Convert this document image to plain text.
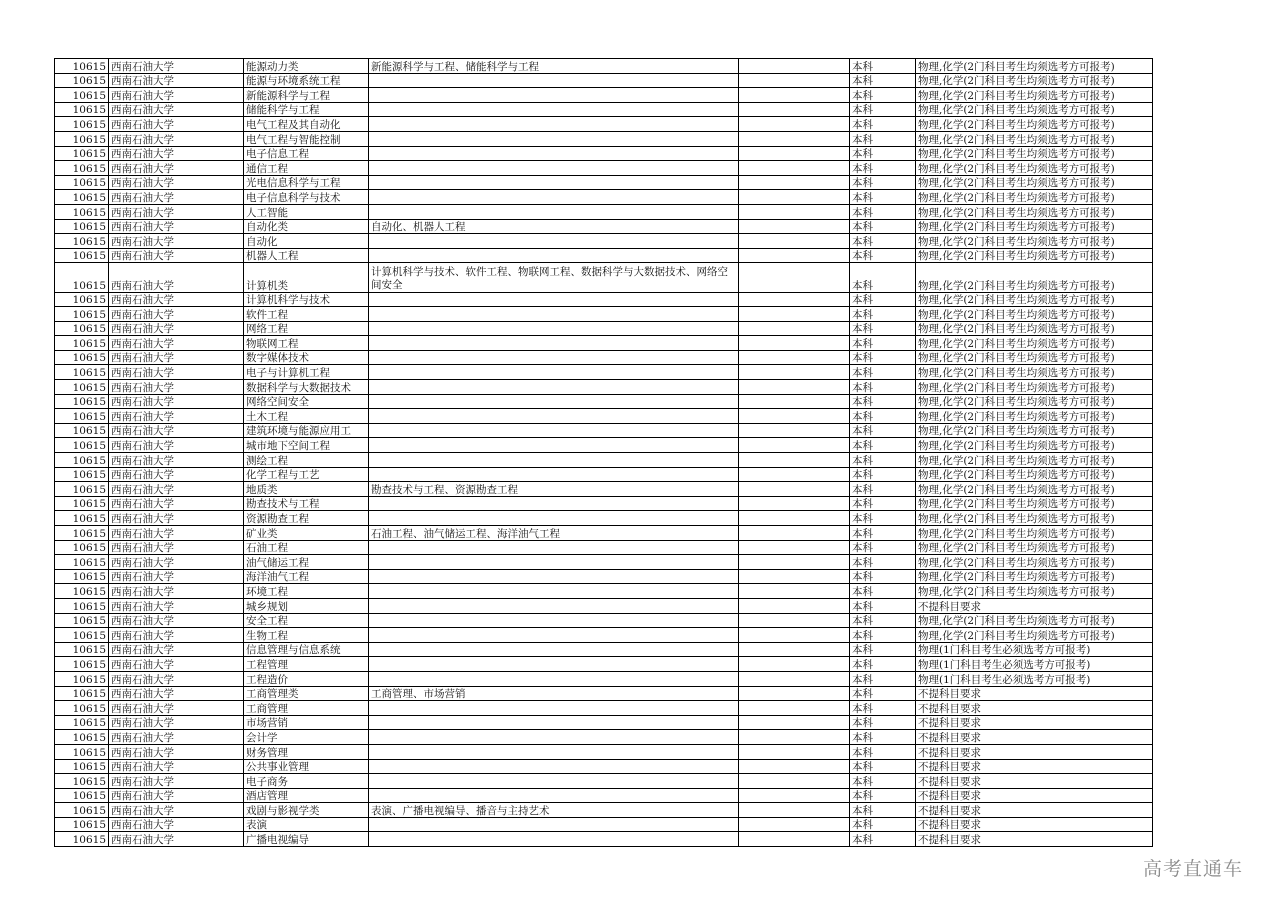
10615	西南石油大学	能源动力类	新能源科学与工程、储能科学与工程		本科	物理,化学(2门科目考生均须选考方可报考)
10615	西南石油大学	能源与环境系统工程			本科	物理,化学(2门科目考生均须选考方可报考)
10615	西南石油大学	新能源科学与工程			本科	物理,化学(2门科目考生均须选考方可报考)
10615	西南石油大学	储能科学与工程			本科	物理,化学(2门科目考生均须选考方可报考)
10615	西南石油大学	电气工程及其自动化			本科	物理,化学(2门科目考生均须选考方可报考)
10615	西南石油大学	电气工程与智能控制			本科	物理,化学(2门科目考生均须选考方可报考)
10615	西南石油大学	电子信息工程			本科	物理,化学(2门科目考生均须选考方可报考)
10615	西南石油大学	通信工程			本科	物理,化学(2门科目考生均须选考方可报考)
10615	西南石油大学	光电信息科学与工程			本科	物理,化学(2门科目考生均须选考方可报考)
10615	西南石油大学	电子信息科学与技术			本科	物理,化学(2门科目考生均须选考方可报考)
10615	西南石油大学	人工智能			本科	物理,化学(2门科目考生均须选考方可报考)
10615	西南石油大学	自动化类	自动化、机器人工程		本科	物理,化学(2门科目考生均须选考方可报考)
10615	西南石油大学	自动化			本科	物理,化学(2门科目考生均须选考方可报考)
10615	西南石油大学	机器人工程			本科	物理,化学(2门科目考生均须选考方可报考)
10615	西南石油大学	计算机类	计算机科学与技术、软件工程、物联网工程、数据科学与大数据技术、网络空间安全		本科	物理,化学(2门科目考生均须选考方可报考)
10615	西南石油大学	计算机科学与技术			本科	物理,化学(2门科目考生均须选考方可报考)
10615	西南石油大学	软件工程			本科	物理,化学(2门科目考生均须选考方可报考)
10615	西南石油大学	网络工程			本科	物理,化学(2门科目考生均须选考方可报考)
10615	西南石油大学	物联网工程			本科	物理,化学(2门科目考生均须选考方可报考)
10615	西南石油大学	数字媒体技术			本科	物理,化学(2门科目考生均须选考方可报考)
10615	西南石油大学	电子与计算机工程			本科	物理,化学(2门科目考生均须选考方可报考)
10615	西南石油大学	数据科学与大数据技术			本科	物理,化学(2门科目考生均须选考方可报考)
10615	西南石油大学	网络空间安全			本科	物理,化学(2门科目考生均须选考方可报考)
10615	西南石油大学	土木工程			本科	物理,化学(2门科目考生均须选考方可报考)
10615	西南石油大学	建筑环境与能源应用工			本科	物理,化学(2门科目考生均须选考方可报考)
10615	西南石油大学	城市地下空间工程			本科	物理,化学(2门科目考生均须选考方可报考)
10615	西南石油大学	测绘工程			本科	物理,化学(2门科目考生均须选考方可报考)
10615	西南石油大学	化学工程与工艺			本科	物理,化学(2门科目考生均须选考方可报考)
10615	西南石油大学	地质类	勘查技术与工程、资源勘查工程		本科	物理,化学(2门科目考生均须选考方可报考)
10615	西南石油大学	勘查技术与工程			本科	物理,化学(2门科目考生均须选考方可报考)
10615	西南石油大学	资源勘查工程			本科	物理,化学(2门科目考生均须选考方可报考)
10615	西南石油大学	矿业类	石油工程、油气储运工程、海洋油气工程		本科	物理,化学(2门科目考生均须选考方可报考)
10615	西南石油大学	石油工程			本科	物理,化学(2门科目考生均须选考方可报考)
10615	西南石油大学	油气储运工程			本科	物理,化学(2门科目考生均须选考方可报考)
10615	西南石油大学	海洋油气工程			本科	物理,化学(2门科目考生均须选考方可报考)
10615	西南石油大学	环境工程			本科	物理,化学(2门科目考生均须选考方可报考)
10615	西南石油大学	城乡规划			本科	不提科目要求
10615	西南石油大学	安全工程			本科	物理,化学(2门科目考生均须选考方可报考)
10615	西南石油大学	生物工程			本科	物理,化学(2门科目考生均须选考方可报考)
10615	西南石油大学	信息管理与信息系统			本科	物理(1门科目考生必须选考方可报考)
10615	西南石油大学	工程管理			本科	物理(1门科目考生必须选考方可报考)
10615	西南石油大学	工程造价			本科	物理(1门科目考生必须选考方可报考)
10615	西南石油大学	工商管理类	工商管理、市场营销		本科	不提科目要求
10615	西南石油大学	工商管理			本科	不提科目要求
10615	西南石油大学	市场营销			本科	不提科目要求
10615	西南石油大学	会计学			本科	不提科目要求
10615	西南石油大学	财务管理			本科	不提科目要求
10615	西南石油大学	公共事业管理			本科	不提科目要求
10615	西南石油大学	电子商务			本科	不提科目要求
10615	西南石油大学	酒店管理			本科	不提科目要求
10615	西南石油大学	戏剧与影视学类	表演、广播电视编导、播音与主持艺术		本科	不提科目要求
10615	西南石油大学	表演			本科	不提科目要求
10615	西南石油大学	广播电视编导			本科	不提科目要求
高考直通车
